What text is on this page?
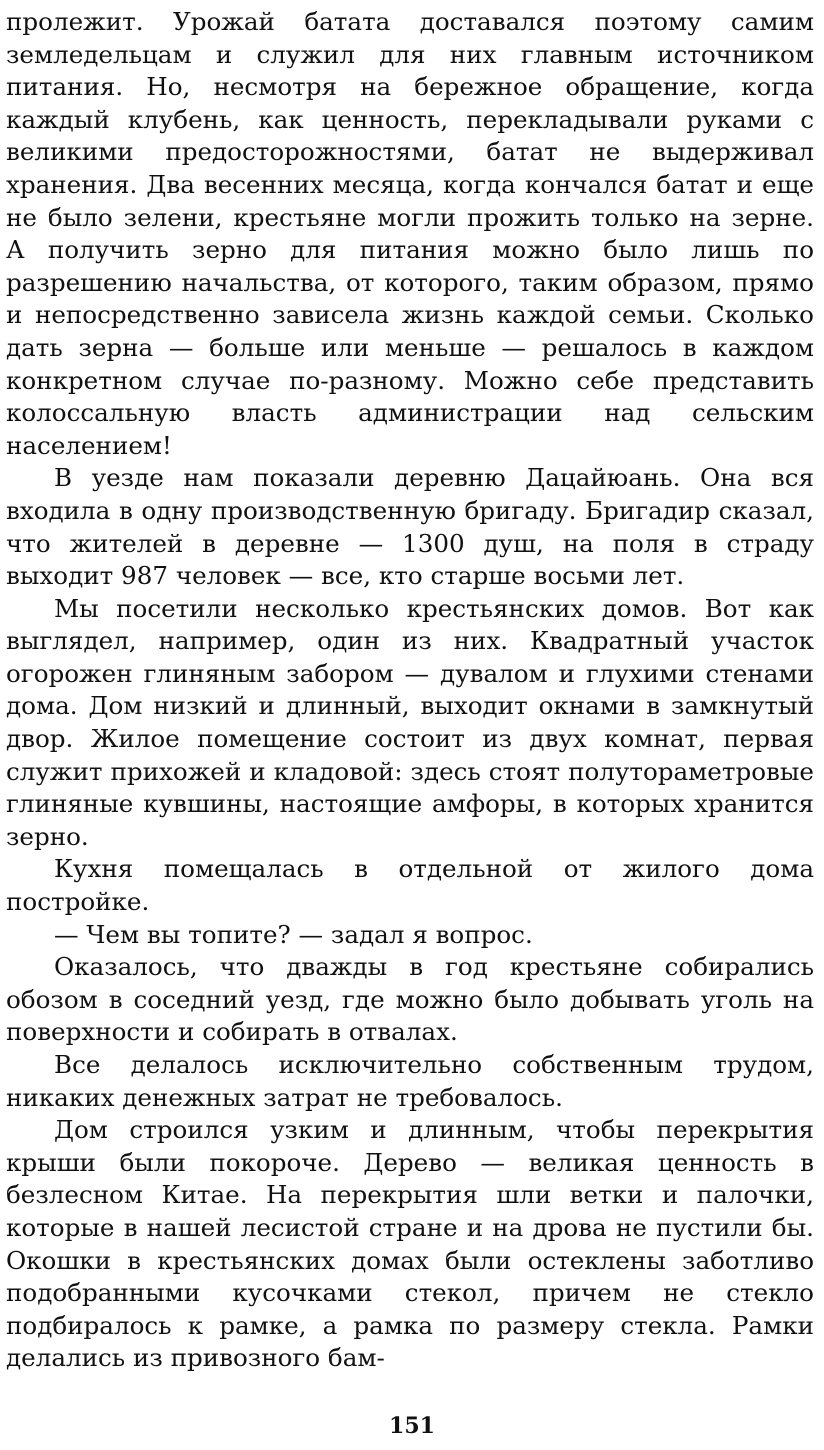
пролежит. Урожай батата доставался поэтому самим земледельцам и служил для них главным источником питания. Но, несмотря на бережное обращение, когда каждый клубень, как ценность, перекладывали руками с великими предосторожностями, батат не выдерживал хранения. Два весенних месяца, когда кончался батат и еще не было зелени, крестьяне могли прожить только на зерне. А получить зерно для питания можно было лишь по разрешению начальства, от которого, таким образом, прямо и непосредственно зависела жизнь каждой семьи. Сколько дать зерна — больше или меньше — решалось в каждом конкретном случае по-разному. Можно себе представить колоссальную власть администрации над сельским населением!

В уезде нам показали деревню Дацайюань. Она вся входила в одну производственную бригаду. Бригадир сказал, что жителей в деревне — 1300 душ, на поля в страду выходит 987 человек — все, кто старше восьми лет.

Мы посетили несколько крестьянских домов. Вот как выглядел, например, один из них. Квадратный участок огорожен глиняным забором — дувалом и глухими стенами дома. Дом низкий и длинный, выходит окнами в замкнутый двор. Жилое помещение состоит из двух комнат, первая служит прихожей и кладовой: здесь стоят полутораметровые глиняные кувшины, настоящие амфоры, в которых хранится зерно.

Кухня помещалась в отдельной от жилого дома постройке.

— Чем вы топите? — задал я вопрос.

Оказалось, что дважды в год крестьяне собирались обозом в соседний уезд, где можно было добывать уголь на поверхности и собирать в отвалах.

Все делалось исключительно собственным трудом, никаких денежных затрат не требовалось.

Дом строился узким и длинным, чтобы перекрытия крыши были покороче. Дерево — великая ценность в безлесном Китае. На перекрытия шли ветки и палочки, которые в нашей лесистой стране и на дрова не пустили бы. Окошки в крестьянских домах были остеклены заботливо подобранными кусочками стекол, причем не стекло подбиралось к рамке, а рамка по размеру стекла. Рамки делались из привозного бам-

151
